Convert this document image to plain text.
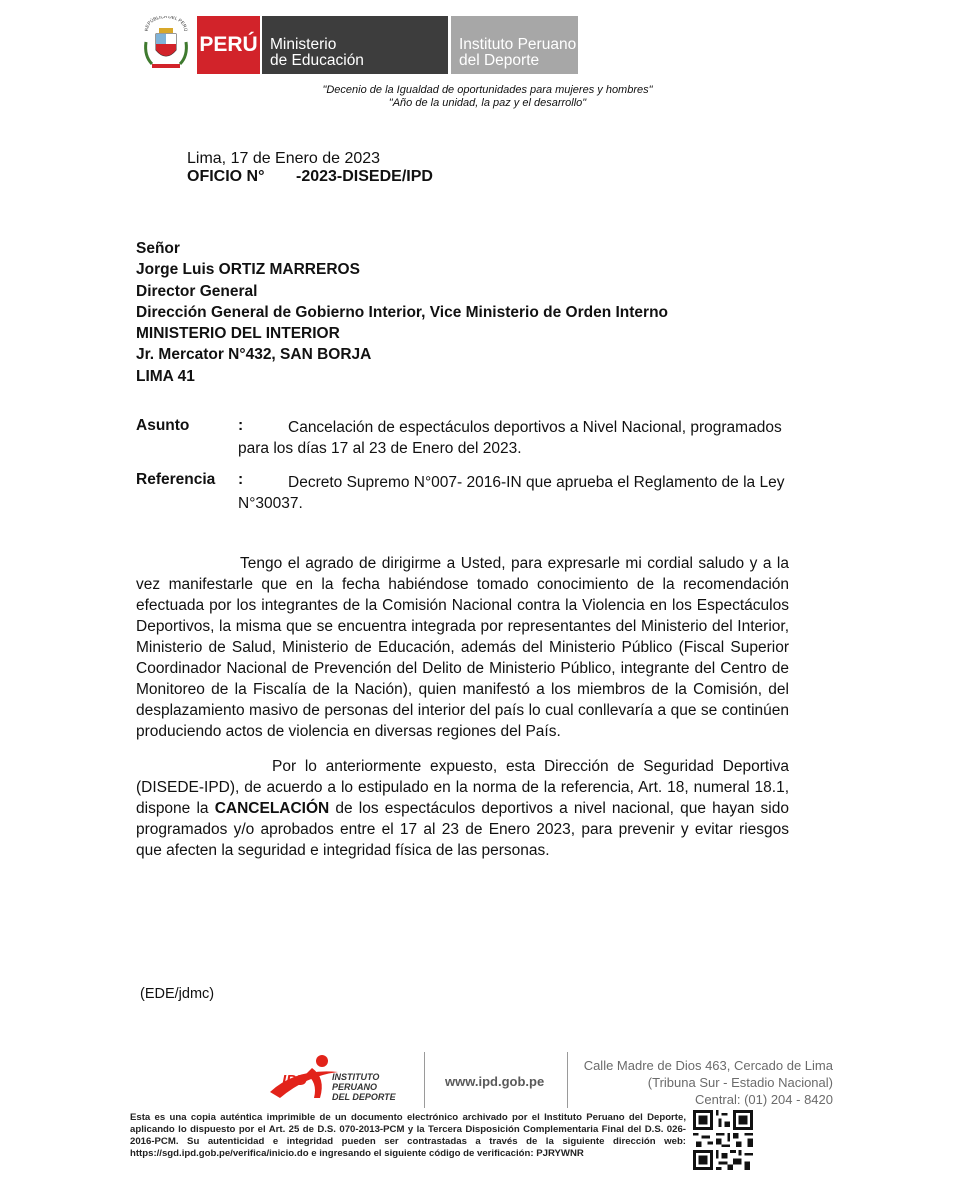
REPÚBLICA DEL PERÚ
PERÚ Ministerio
de Educación
Instituto Peruano
del Deporte
"Decenio de la Igualdad de oportunidades para mujeres y hombres"
"Año de la unidad, la paz y el desarrollo"
Lima, 17 de Enero de 2023
OFICIO N° -2023-DISEDE/IPD
Señor
Jorge Luis ORTIZ MARREROS
Director General
Dirección General de Gobierno Interior, Vice Ministerio de Orden Interno
MINISTERIO DEL INTERIOR
Jr. Mercator N°432, SAN BORJA
LIMA 41
Asunto	:	Cancelación de espectáculos deportivos a Nivel Nacional, programados para los días 17 al 23 de Enero del 2023.
Referencia :	Decreto Supremo N°007- 2016-IN que aprueba el Reglamento de la Ley N°30037.
Tengo el agrado de dirigirme a Usted, para expresarle mi cordial saludo y a la vez manifestarle que en la fecha habiéndose tomado conocimiento de la recomendación efectuada por los integrantes de la Comisión Nacional contra la Violencia en los Espectáculos Deportivos, la misma que se encuentra integrada por representantes del Ministerio del Interior, Ministerio de Salud, Ministerio de Educación, además del Ministerio Público (Fiscal Superior Coordinador Nacional de Prevención del Delito de Ministerio Público, integrante del Centro de Monitoreo de la Fiscalía de la Nación), quien manifestó a los miembros de la Comisión, del desplazamiento masivo de personas del interior del país lo cual conllevaría a que se continúen produciendo actos de violencia en diversas regiones del País.
Por lo anteriormente expuesto, esta Dirección de Seguridad Deportiva (DISEDE-IPD), de acuerdo a lo estipulado en la norma de la referencia, Art. 18, numeral 18.1, dispone la CANCELACIÓN de los espectáculos deportivos a nivel nacional, que hayan sido programados y/o aprobados entre el 17 al 23 de Enero 2023, para prevenir y evitar riesgos que afecten la seguridad e integridad física de las personas.
(EDE/jdmc)
IPD	INSTITUTO
PERUANO
DEL DEPORTE
www.ipd.gob.pe
Calle Madre de Dios 463, Cercado de Lima
(Tribuna Sur - Estadio Nacional)
Central: (01) 204 - 8420
Esta es una copia auténtica imprimible de un documento electrónico archivado por el Instituto Peruano del Deporte, aplicando lo dispuesto por el Art. 25 de D.S. 070-2013-PCM y la Tercera Disposición Complementaria Final del D.S. 026- 2016-PCM. Su autenticidad e integridad pueden ser contrastadas a través de la siguiente dirección web: https://sgd.ipd.gob.pe/verifica/inicio.do e ingresando el siguiente código de verificación: PJRYWNR
